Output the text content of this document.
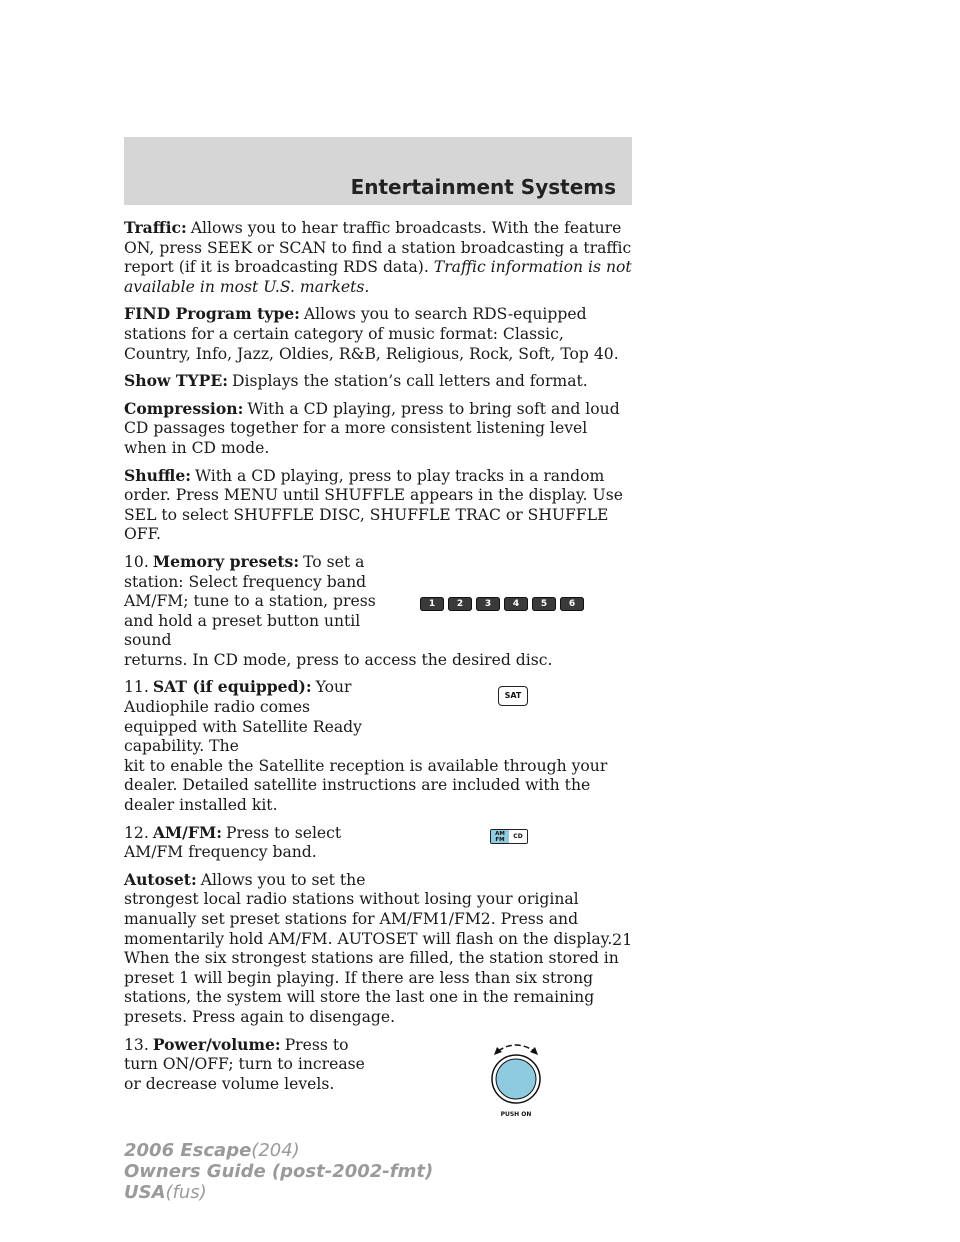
Entertainment Systems

Traffic: Allows you to hear traffic broadcasts. With the feature ON, press SEEK or SCAN to find a station broadcasting a traffic report (if it is broadcasting RDS data). Traffic information is not available in most U.S. markets.

FIND Program type: Allows you to search RDS-equipped stations for a certain category of music format: Classic, Country, Info, Jazz, Oldies, R&B, Religious, Rock, Soft, Top 40.

Show TYPE: Displays the station’s call letters and format.

Compression: With a CD playing, press to bring soft and loud CD passages together for a more consistent listening level when in CD mode.

Shuffle: With a CD playing, press to play tracks in a random order. Press MENU until SHUFFLE appears in the display. Use SEL to select SHUFFLE DISC, SHUFFLE TRAC or SHUFFLE OFF.

10. Memory presets: To set a station: Select frequency band AM/FM; tune to a station, press and hold a preset button until sound

returns. In CD mode, press to access the desired disc.

1	2	3	4	5	6

11. SAT (if equipped): Your Audiophile radio comes equipped with Satellite Ready capability. The

kit to enable the Satellite reception is available through your dealer. Detailed satellite instructions are included with the dealer installed kit.

SAT

12. AM/FM: Press to select AM/FM frequency band.

AM
FM	CD

Autoset: Allows you to set the

strongest local radio stations without losing your original manually set preset stations for AM/FM1/FM2. Press and momentarily hold AM/FM. AUTOSET will flash on the display. When the six strongest stations are filled, the station stored in preset 1 will begin playing. If there are less than six strong stations, the system will store the last one in the remaining presets. Press again to disengage.

13. Power/volume: Press to turn ON/OFF; turn to increase or decrease volume levels.

PUSH ON
21
2006 Escape(204)
Owners Guide (post-2002-fmt)
USA(fus)
